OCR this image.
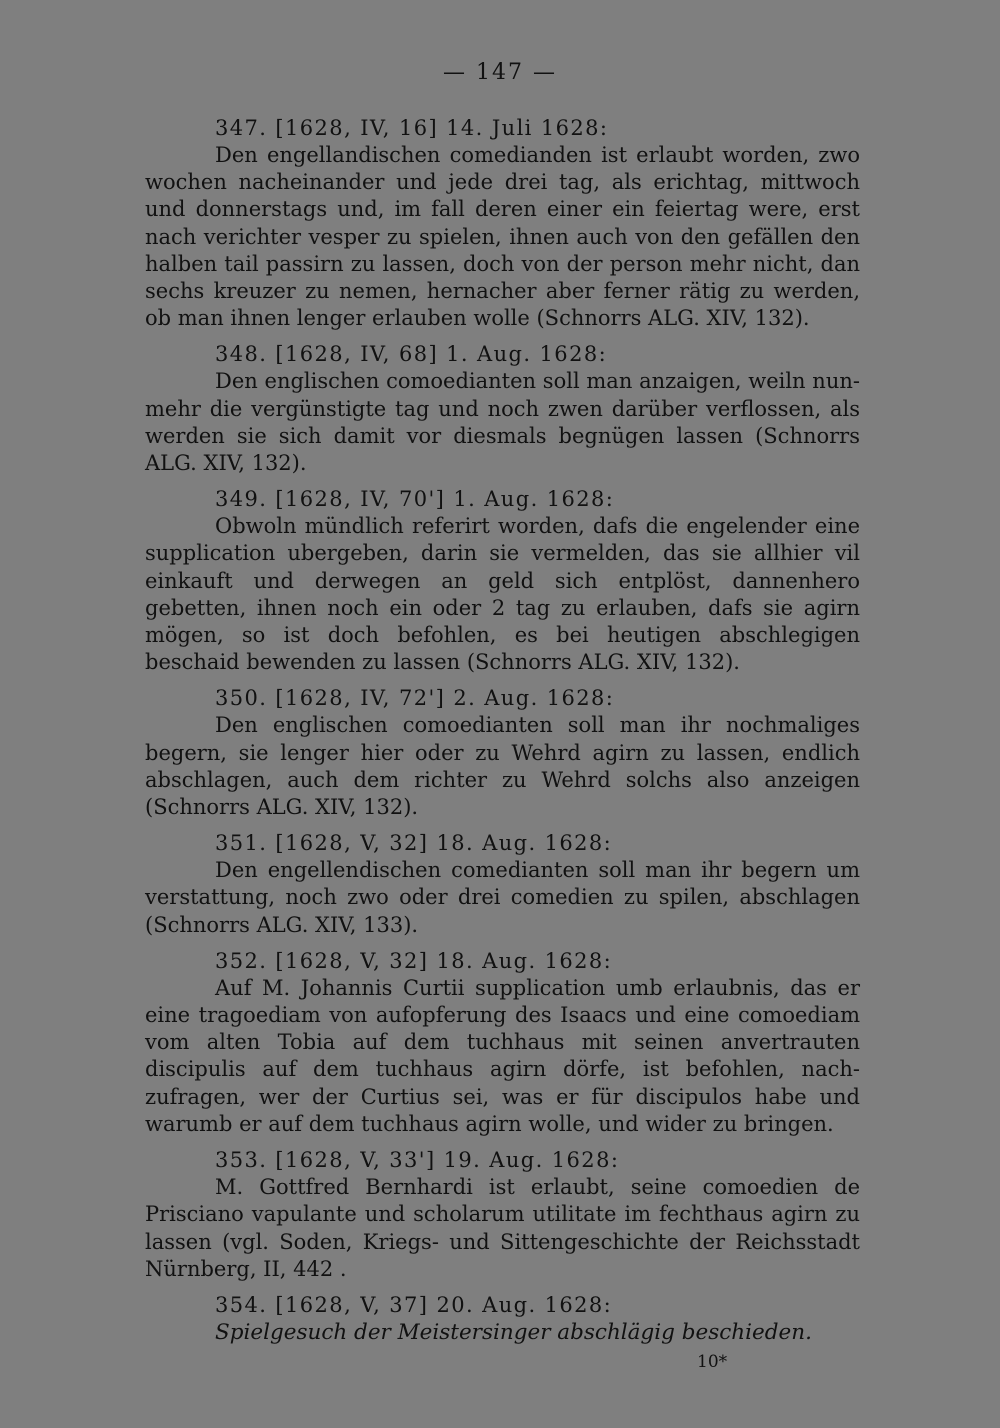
— 147 —
347. [1628, IV, 16] 14. Juli 1628:
Den engellandischen comedianden ist erlaubt worden, zwo wochen nacheinander und jede drei tag, als erichtag, mittwoch und donnerstags und, im fall deren einer ein feiertag were, erst nach verichter vesper zu spielen, ihnen auch von den gefällen den halben tail passirn zu lassen, doch von der person mehr nicht, dan sechs kreuzer zu nemen, hernacher aber ferner rätig zu werden, ob man ihnen lenger erlauben wolle (Schnorrs ALG. XIV, 132).
348. [1628, IV, 68] 1. Aug. 1628:
Den englischen comoedianten soll man anzaigen, weiln nunmehr die vergünstigte tag und noch zwen darüber verflossen, als werden sie sich damit vor diesmals begnügen lassen (Schnorrs ALG. XIV, 132).
349. [1628, IV, 70'] 1. Aug. 1628:
Obwoln mündlich referirt worden, dafs die engelender eine supplication ubergeben, darin sie vermelden, das sie allhier vil einkauft und derwegen an geld sich entplöst, dannenhero gebetten, ihnen noch ein oder 2 tag zu erlauben, dafs sie agirn mögen, so ist doch befohlen, es bei heutigen abschlegigen beschaid bewenden zu lassen (Schnorrs ALG. XIV, 132).
350. [1628, IV, 72'] 2. Aug. 1628:
Den englischen comoedianten soll man ihr nochmaliges begern, sie lenger hier oder zu Wehrd agirn zu lassen, endlich abschlagen, auch dem richter zu Wehrd solchs also anzeigen (Schnorrs ALG. XIV, 132).
351. [1628, V, 32] 18. Aug. 1628:
Den engellendischen comedianten soll man ihr begern um verstattung, noch zwo oder drei comedien zu spilen, abschlagen (Schnorrs ALG. XIV, 133).
352. [1628, V, 32] 18. Aug. 1628:
Auf M. Johannis Curtii supplication umb erlaubnis, das er eine tragoediam von aufopferung des Isaacs und eine comoediam vom alten Tobia auf dem tuchhaus mit seinen anvertrauten discipulis auf dem tuchhaus agirn dörfe, ist befohlen, nachzufragen, wer der Curtius sei, was er für discipulos habe und warumb er auf dem tuchhaus agirn wolle, und wider zu bringen.
353. [1628, V, 33'] 19. Aug. 1628:
M. Gottfred Bernhardi ist erlaubt, seine comoedien de Prisciano vapulante und scholarum utilitate im fechthaus agirn zu lassen (vgl. Soden, Kriegs- und Sittengeschichte der Reichsstadt Nürnberg, II, 442 .
354. [1628, V, 37] 20. Aug. 1628:
Spielgesuch der Meistersinger abschlägig beschieden.
10*
